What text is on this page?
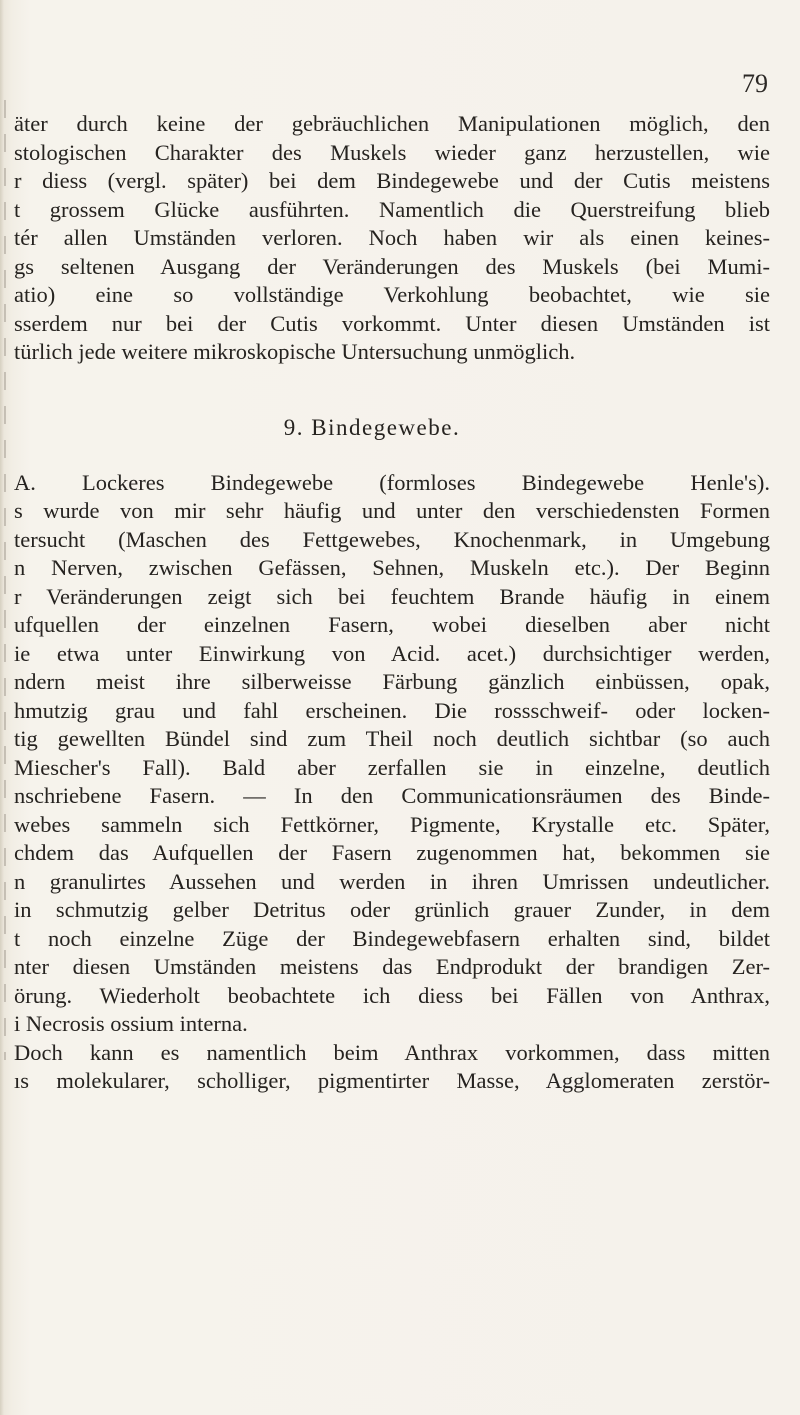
79
äter durch keine der gebräuchlichen Manipulationen möglich, den
stologischen Charakter des Muskels wieder ganz herzustellen, wie
r diess (vergl. später) bei dem Bindegewebe und der Cutis meistens
t grossem Glücke ausführten. Namentlich die Querstreifung blieb
tér allen Umständen verloren. Noch haben wir als einen keines-
gs seltenen Ausgang der Veränderungen des Muskels (bei Mumi-
atio) eine so vollständige Verkohlung beobachtet, wie sie
sserdem nur bei der Cutis vorkommt. Unter diesen Umständen ist
türlich jede weitere mikroskopische Untersuchung unmöglich.
9. Bindegewebe.
A. Lockeres Bindegewebe (formloses Bindegewebe Henle's).
s wurde von mir sehr häufig und unter den verschiedensten Formen
tersucht (Maschen des Fettgewebes, Knochenmark, in Umgebung
n Nerven, zwischen Gefässen, Sehnen, Muskeln etc.). Der Beginn
r Veränderungen zeigt sich bei feuchtem Brande häufig in einem
ufquellen der einzelnen Fasern, wobei dieselben aber nicht
ie etwa unter Einwirkung von Acid. acet.) durchsichtiger werden,
ndern meist ihre silberweisse Färbung gänzlich einbüssen, opak,
hmutzig grau und fahl erscheinen. Die rossschweif- oder locken-
tig gewellten Bündel sind zum Theil noch deutlich sichtbar (so auch
Miescher's Fall). Bald aber zerfallen sie in einzelne, deutlich
nschriebene Fasern. — In den Communicationsräumen des Binde-
webes sammeln sich Fettkörner, Pigmente, Krystalle etc. Später,
chdem das Aufquellen der Fasern zugenommen hat, bekommen sie
n granulirtes Aussehen und werden in ihren Umrissen undeutlicher.
in schmutzig gelber Detritus oder grünlich grauer Zunder, in dem
t noch einzelne Züge der Bindegewebfasern erhalten sind, bildet
nter diesen Umständen meistens das Endprodukt der brandigen Zer-
örung. Wiederholt beobachtete ich diess bei Fällen von Anthrax,
i Necrosis ossium interna.
Doch kann es namentlich beim Anthrax vorkommen, dass mitten
ıs molekularer, scholliger, pigmentirter Masse, Agglomeraten zerstör-
